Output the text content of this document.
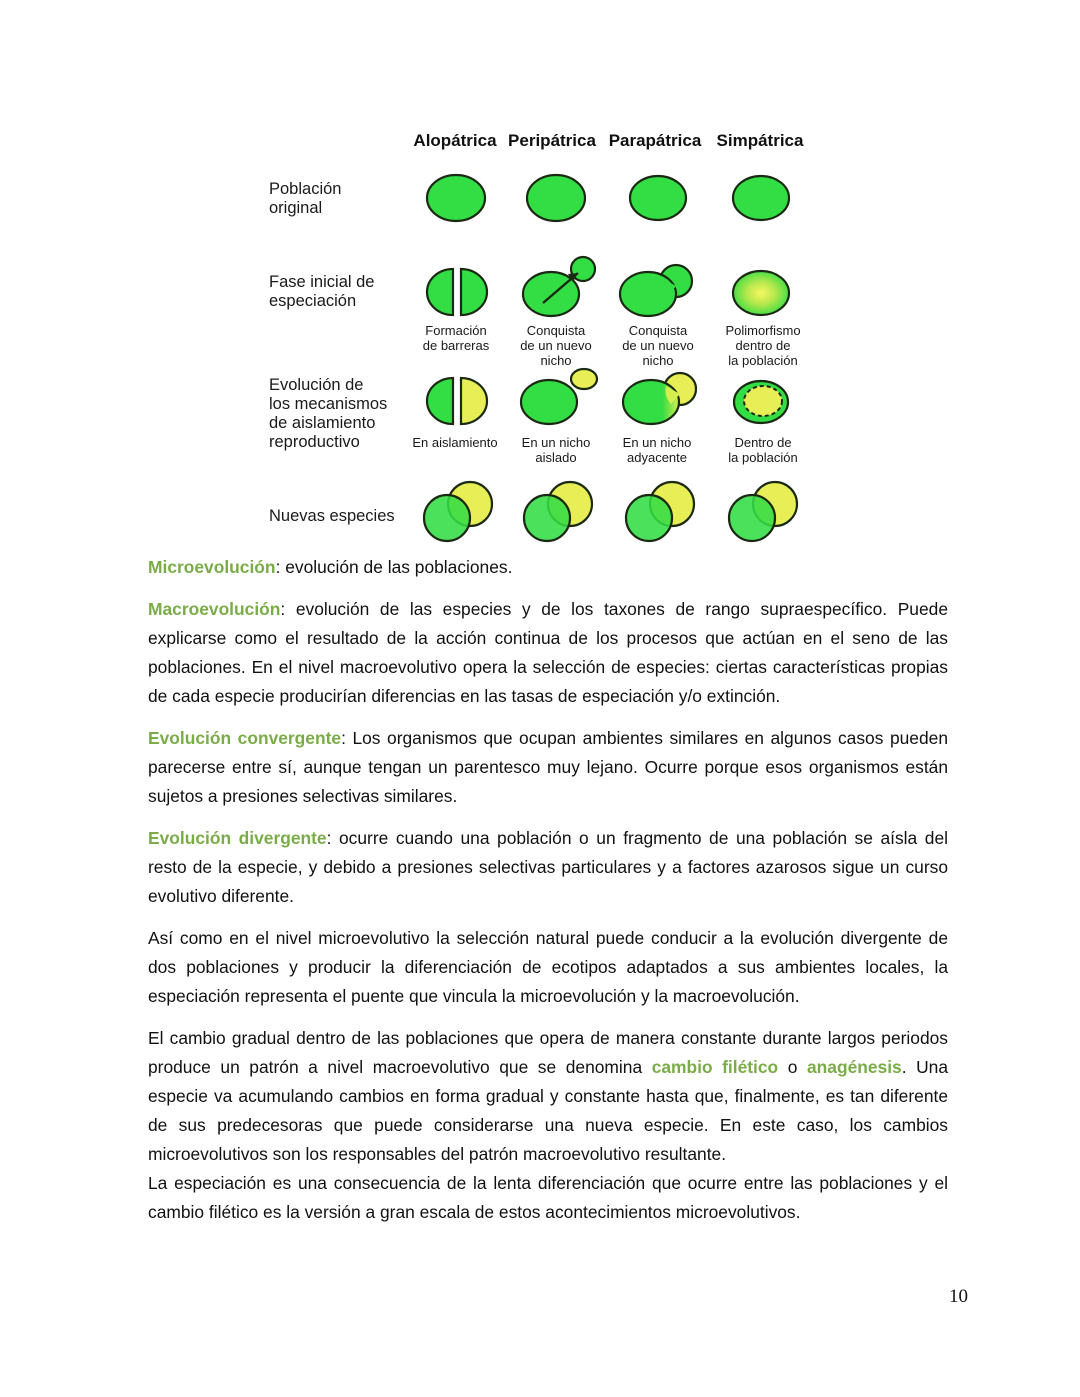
Alopátrica Peripátrica Parapátrica Simpátrica
Población
original
Fase inicial de
especiación
Formación
de barreras
Conquista
de un nuevo
nicho
Conquista
de un nuevo
nicho
Polimorfismo
dentro de
la población
Evolución de
los mecanismos
de aislamiento
reproductivo	En aislamiento En un nicho
aislado
En un nicho
adyacente
Dentro de
la población
Nuevas especies

Microevolución: evolución de las poblaciones.

Macroevolución: evolución de las especies y de los taxones de rango supraespecífico. Puede explicarse como el resultado de la acción continua de los procesos que actúan en el seno de las poblaciones. En el nivel macroevolutivo opera la selección de especies: ciertas características propias de cada especie producirían diferencias en las tasas de especiación y/o extinción.

Evolución convergente: Los organismos que ocupan ambientes similares en algunos casos pueden parecerse entre sí, aunque tengan un parentesco muy lejano. Ocurre porque esos organismos están sujetos a presiones selectivas similares.

Evolución divergente: ocurre cuando una población o un fragmento de una población se aísla del resto de la especie, y debido a presiones selectivas particulares y a factores azarosos sigue un curso evolutivo diferente.

Así como en el nivel microevolutivo la selección natural puede conducir a la evolución divergente de dos poblaciones y producir la diferenciación de ecotipos adaptados a sus ambientes locales, la especiación representa el puente que vincula la microevolución y la macroevolución.

El cambio gradual dentro de las poblaciones que opera de manera constante durante largos periodos produce un patrón a nivel macroevolutivo que se denomina cambio filético o anagénesis. Una especie va acumulando cambios en forma gradual y constante hasta que, finalmente, es tan diferente de sus predecesoras que puede considerarse una nueva especie. En este caso, los cambios microevolutivos son los responsables del patrón macroevolutivo resultante.

La especiación es una consecuencia de la lenta diferenciación que ocurre entre las poblaciones y el cambio filético es la versión a gran escala de estos acontecimientos microevolutivos.

10
